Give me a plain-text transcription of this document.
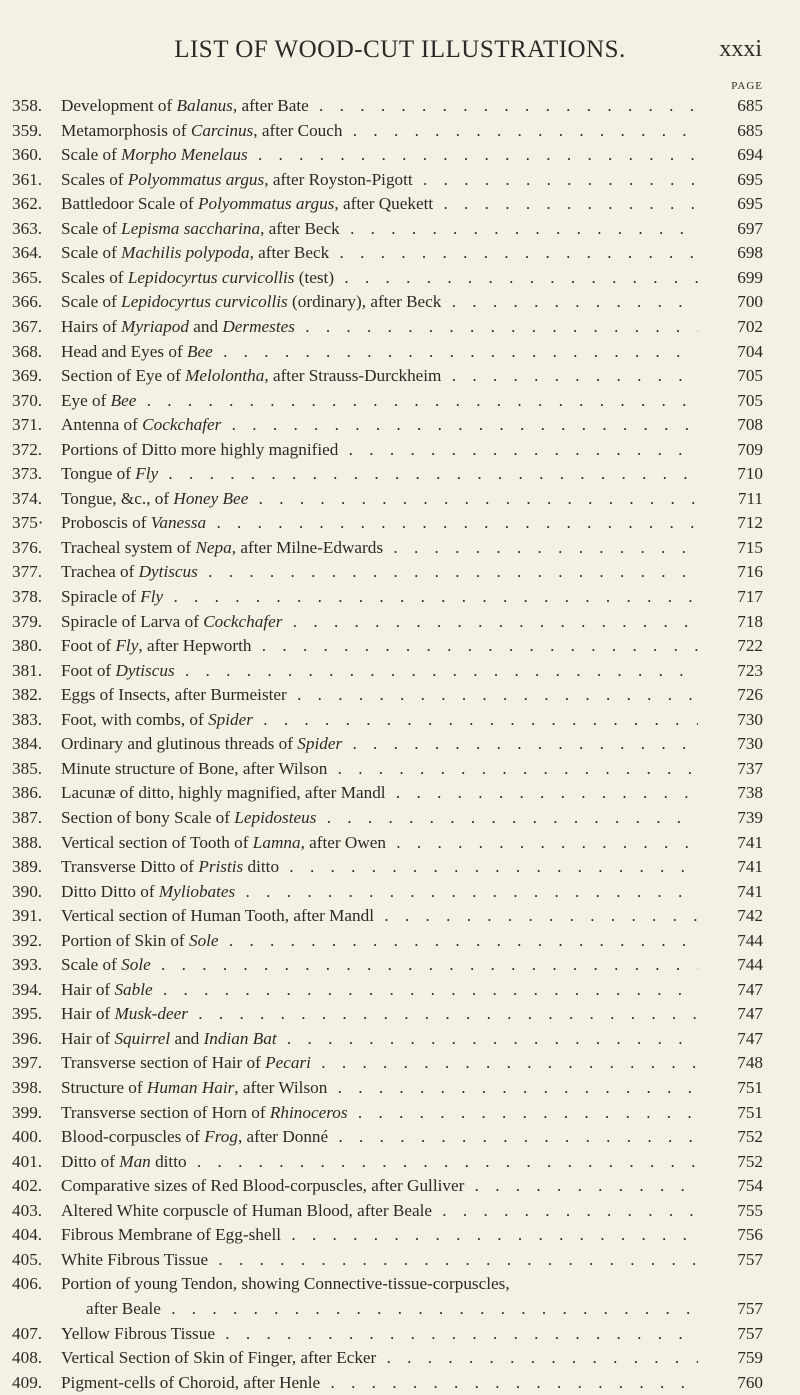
LIST OF WOOD-CUT ILLUSTRATIONS.	xxxi
PAGE
358. Development of Balanus, after Bate . . .	685
359. Metamorphosis of Carcinus, after Couch . . .	685
360. Scale of Morpho Menelaus . . .	694
361. Scales of Polyommatus argus, after Royston-Pigott . . .	695
362. Battledoor Scale of Polyommatus argus, after Quekett . . .	695
363. Scale of Lepisma saccharina, after Beck . . .	697
364. Scale of Machilis polypoda, after Beck . . .	698
365. Scales of Lepidocyrtus curvicollis (test) . . .	699
366. Scale of Lepidocyrtus curvicollis (ordinary), after Beck . . .	700
367. Hairs of Myriapod and Dermestes . . .	702
368. Head and Eyes of Bee . . .	704
369. Section of Eye of Melolontha, after Strauss-Durckheim . . .	705
370. Eye of Bee . . .	705
371. Antenna of Cockchafer . . .	708
372. Portions of Ditto more highly magnified . . .	709
373. Tongue of Fly . . .	710
374. Tongue, &c., of Honey Bee . . .	711
375· Proboscis of Vanessa . . .	712
376. Tracheal system of Nepa, after Milne-Edwards . . .	715
377. Trachea of Dytiscus . . .	716
378. Spiracle of Fly . . .	717
379. Spiracle of Larva of Cockchafer . . .	718
380. Foot of Fly, after Hepworth . . .	722
381. Foot of Dytiscus . . .	723
382. Eggs of Insects, after Burmeister . . .	726
383. Foot, with combs, of Spider . . .	730
384. Ordinary and glutinous threads of Spider . . .	730
385. Minute structure of Bone, after Wilson . . .	737
386. Lacunæ of ditto, highly magnified, after Mandl . . .	738
387. Section of bony Scale of Lepidosteus . . .	739
388. Vertical section of Tooth of Lamna, after Owen . . .	741
389. Transverse Ditto of Pristis ditto . . .	741
390. Ditto Ditto of Myliobates . . .	741
391. Vertical section of Human Tooth, after Mandl . . .	742
392. Portion of Skin of Sole . . .	744
393. Scale of Sole . . .	744
394. Hair of Sable . . .	747
395. Hair of Musk-deer . . .	747
396. Hair of Squirrel and Indian Bat . . .	747
397. Transverse section of Hair of Pecari . . .	748
398. Structure of Human Hair, after Wilson . . .	751
399. Transverse section of Horn of Rhinoceros . . .	751
400. Blood-corpuscles of Frog, after Donné . . .	752
401. Ditto of Man ditto . . .	752
402. Comparative sizes of Red Blood-corpuscles, after Gulliver . . .	754
403. Altered White corpuscle of Human Blood, after Beale . . .	755
404. Fibrous Membrane of Egg-shell . . .	756
405. White Fibrous Tissue . . .	757
406. Portion of young Tendon, showing Connective-tissue-corpuscles,
after Beale . . .	757
407. Yellow Fibrous Tissue . . .	757
408. Vertical Section of Skin of Finger, after Ecker . . .	759
409. Pigment-cells of Choroid, after Henle . . .	760
